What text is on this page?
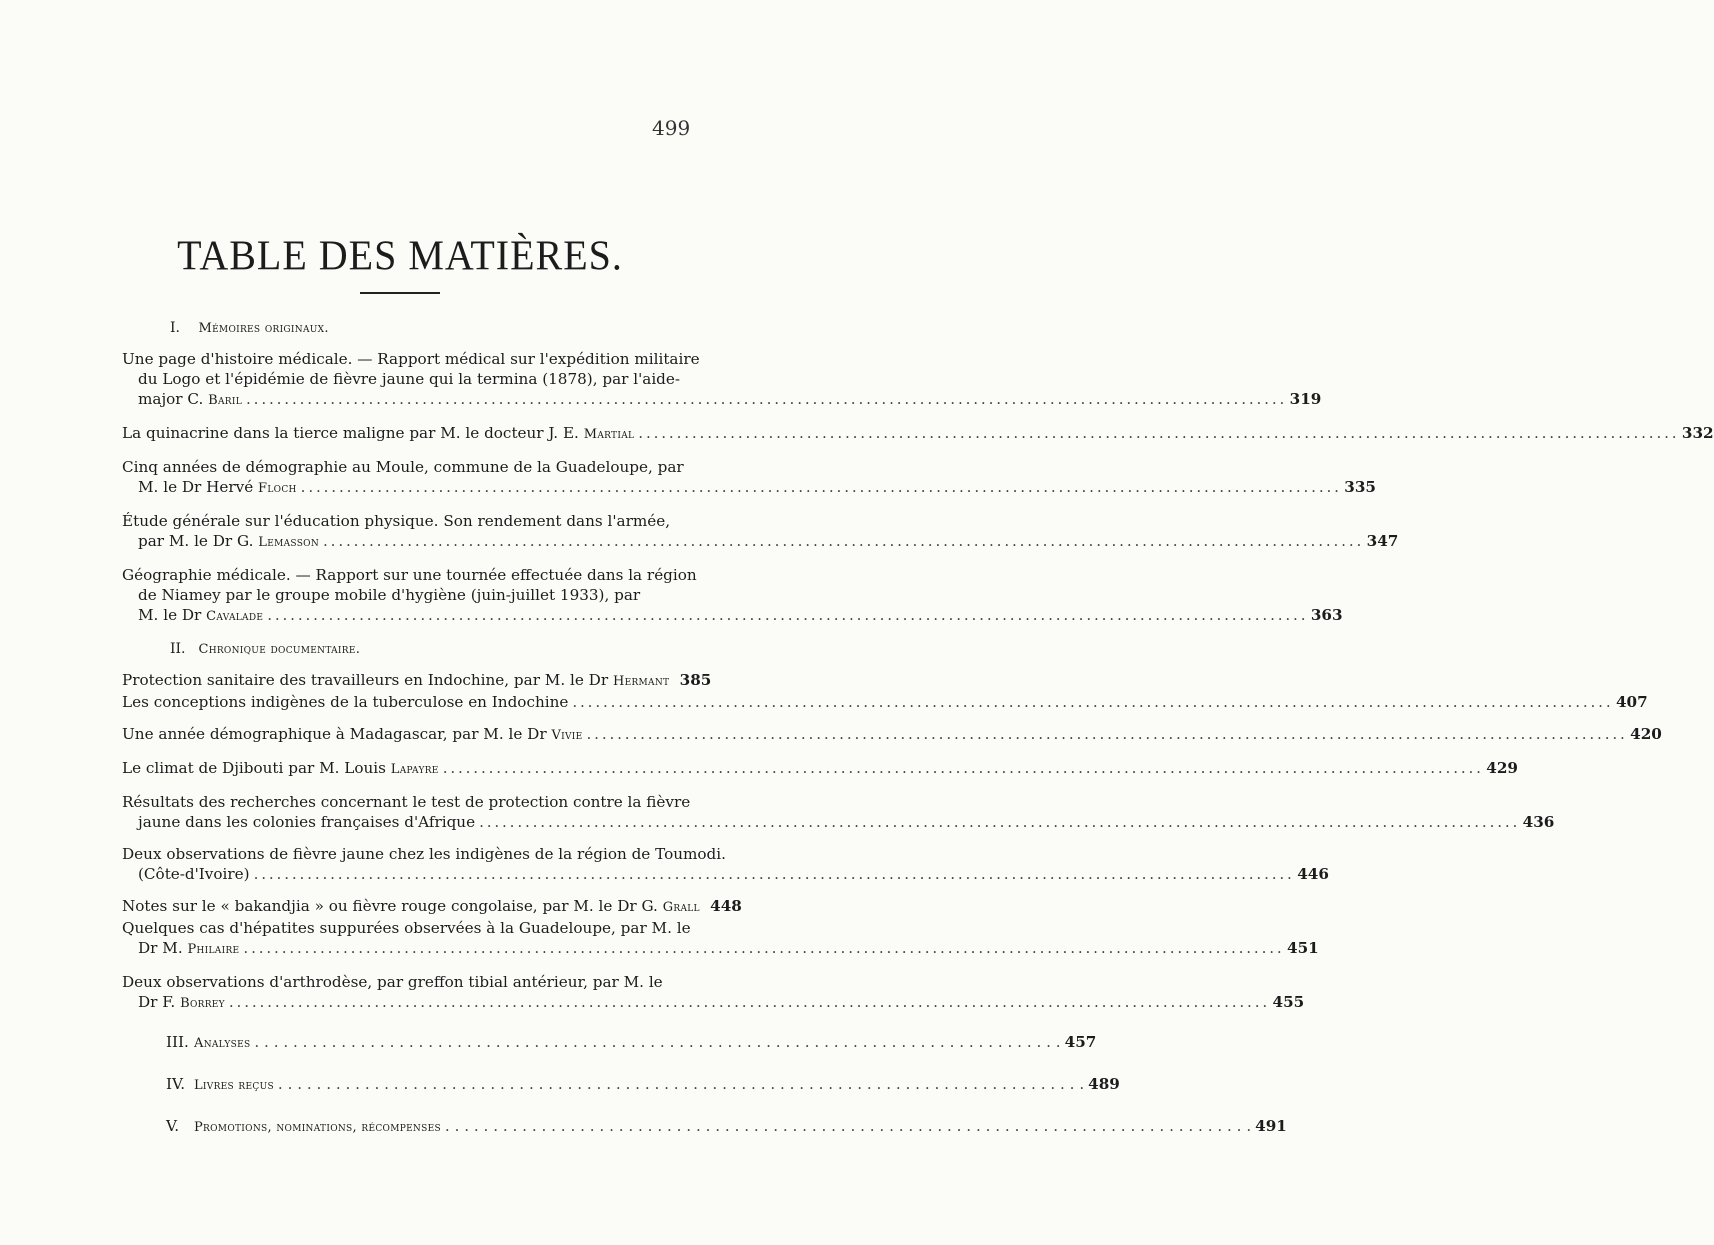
499
TABLE DES MATIÈRES.
I. Mémoires originaux.
Une page d'histoire médicale. — Rapport médical sur l'expédition militaire
du Logo et l'épidémie de fièvre jaune qui la termina (1878), par l'aide-
major C. Baril . . .	319
La quinacrine dans la tierce maligne par M. le docteur J. E. Martial . . .	332
Cinq années de démographie au Moule, commune de la Guadeloupe, par
M. le Dr Hervé Floch . . .	335
Étude générale sur l'éducation physique. Son rendement dans l'armée,
par M. le Dr G. Lemasson . . .	347
Géographie médicale. — Rapport sur une tournée effectuée dans la région
de Niamey par le groupe mobile d'hygiène (juin-juillet 1933), par
M. le Dr Cavalade . . .	363
II. Chronique documentaire.
Protection sanitaire des travailleurs en Indochine, par M. le Dr Hermant 385
Les conceptions indigènes de la tuberculose en Indochine . . .	407
Une année démographique à Madagascar, par M. le Dr Vivie . . .	420
Le climat de Djibouti par M. Louis Lapayre . . .	429
Résultats des recherches concernant le test de protection contre la fièvre
jaune dans les colonies françaises d'Afrique . . .	436
Deux observations de fièvre jaune chez les indigènes de la région de Toumodi.
(Côte-d'Ivoire) . . .	446
Notes sur le « bakandjia » ou fièvre rouge congolaise, par M. le Dr G. Grall 448
Quelques cas d'hépatites suppurées observées à la Guadeloupe, par M. le
Dr M. Philaire . . .	451
Deux observations d'arthrodèse, par greffon tibial antérieur, par M. le
Dr F. Borrey . . .	455
III. Analyses . . . . . . . . . . . . . . . . . . . . . . . . . . . . . . . . . . . . . . . . . . . . . . . . . . . . . . . . . . . . . . . . . . . . . . . . . . . . . . . . . . . . 457
IV. Livres reçus . . . . . . . . . . . . . . . . . . . . . . . . . . . . . . . . . . . . . . . . . . . . . . . . . . . . . . . . . . . . . . . . . . . . . . . . . . . . . . . . . . . . 489
V. Promotions, nominations, récompenses . . . . . . . . . . . . . . . . . . . . . . . . . . . . . . . . . . . . . . . . . . . . . . . . . . . . . . . . . . . . . . . . . . . . . . . . . . . . . . . . . . . . 491
